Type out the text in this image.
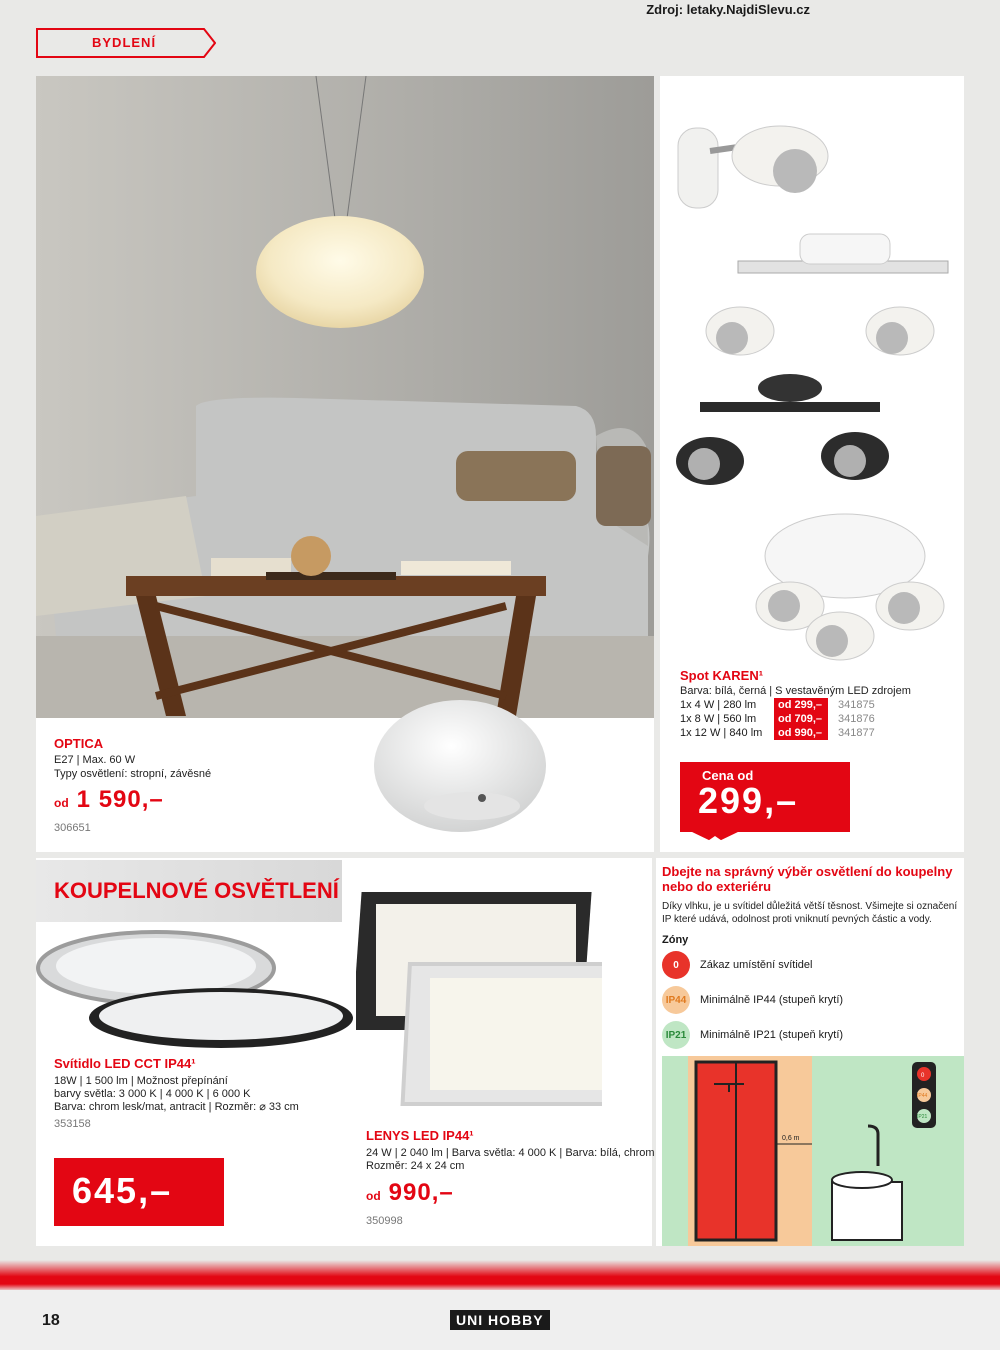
Zdroj: letaky.NajdiSlevu.cz
BYDLENÍ
OPTICA
E27 | Max. 60 W
Typy osvětlení: stropní, závěsné
od 1 590,–
306651
Spot KAREN¹
Barva: bílá, černá | S vestavěným LED zdrojem
1x 4 W | 280 lm	od 299,–	341875
1x 8 W | 560 lm	od 709,–	341876
1x 12 W | 840 lm	od 990,–	341877
Cena od
299,–
KOUPELNOVÉ OSVĚTLENÍ
Svítidlo LED CCT IP44¹
18W | 1 500 lm | Možnost přepínání
barvy světla: 3 000 K | 4 000 K | 6 000 K
Barva: chrom lesk/mat, antracit | Rozměr: ⌀ 33 cm
353158
645,–
LENYS LED IP44¹
24 W | 2 040 lm | Barva světla: 4 000 K | Barva: bílá, chrom
Rozměr: 24 x 24 cm
od 990,–
350998
Dbejte na správný výběr osvětlení do koupelny nebo do exteriéru
Díky vlhku, je u svítidel důležitá větší těsnost. Všimejte si označení IP které udává, odolnost proti vniknutí pevných částic a vody.
Zóny
0	Zákaz umístění svítidel
IP44	Minimálně IP44 (stupeň krytí)
IP21	Minimálně IP21 (stupeň krytí)
0,6 m
0
IP44
IP21
18	UNI HOBBY
